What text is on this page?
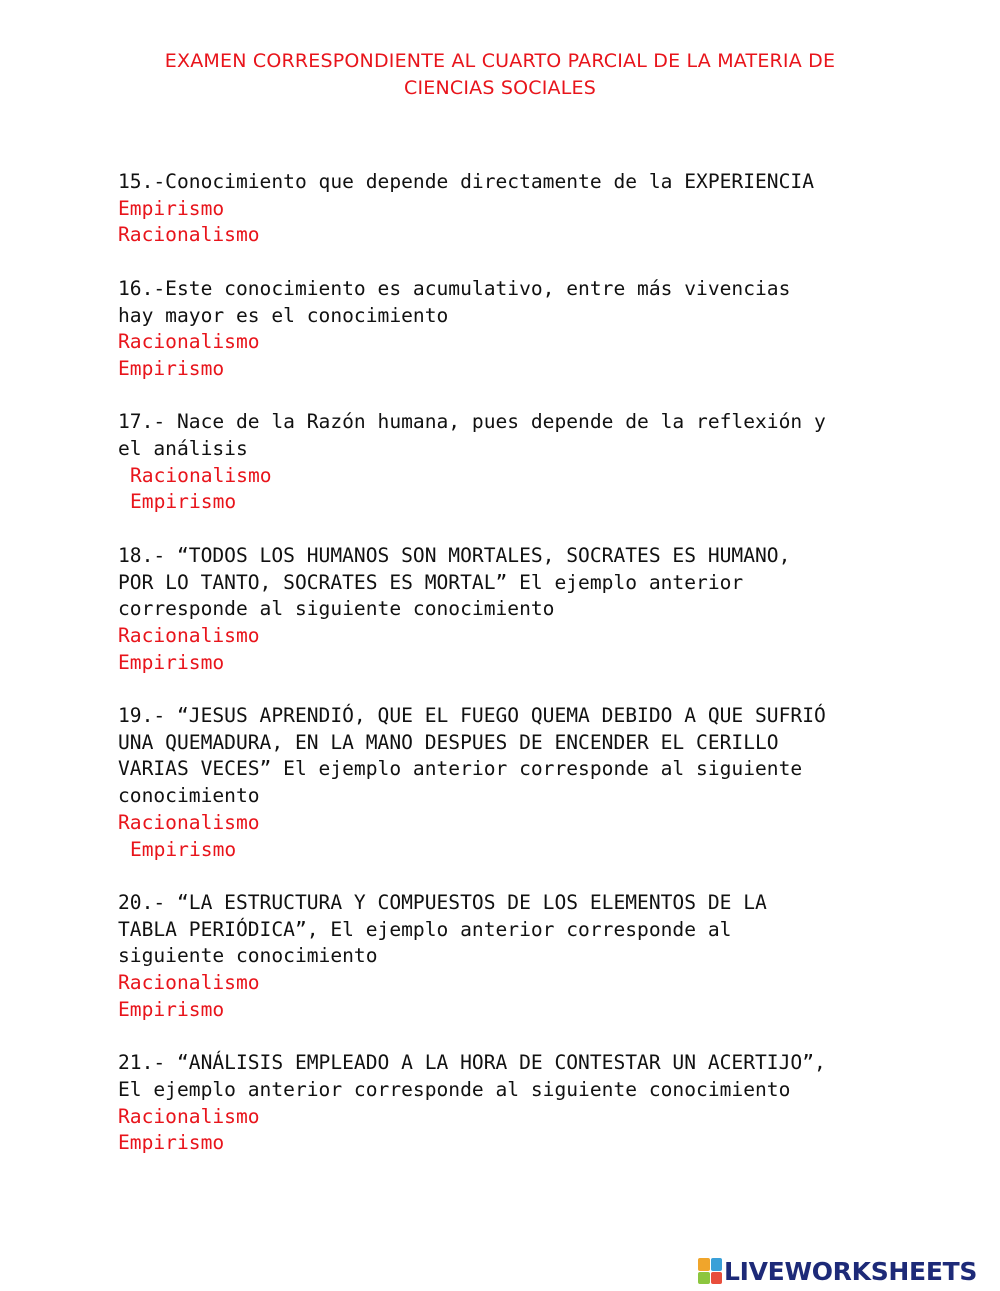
EXAMEN CORRESPONDIENTE AL CUARTO PARCIAL DE LA MATERIA DE
CIENCIAS SOCIALES
15.-Conocimiento que depende directamente de la EXPERIENCIA
Empirismo
Racionalismo
16.-Este conocimiento es acumulativo, entre más vivencias
hay mayor es el conocimiento
Racionalismo
Empirismo
17.- Nace de la Razón humana, pues depende de la reflexión y
el análisis
Racionalismo
Empirismo
18.- “TODOS LOS HUMANOS SON MORTALES, SOCRATES ES HUMANO,
POR LO TANTO, SOCRATES ES MORTAL” El ejemplo anterior
corresponde al siguiente conocimiento
Racionalismo
Empirismo
19.- “JESUS APRENDIÓ, QUE EL FUEGO QUEMA DEBIDO A QUE SUFRIÓ
UNA QUEMADURA, EN LA MANO DESPUES DE ENCENDER EL CERILLO
VARIAS VECES” El ejemplo anterior corresponde al siguiente
conocimiento
Racionalismo
Empirismo
20.- “LA ESTRUCTURA Y COMPUESTOS DE LOS ELEMENTOS DE LA
TABLA PERIÓDICA”, El ejemplo anterior corresponde al
siguiente conocimiento
Racionalismo
Empirismo
21.- “ANÁLISIS EMPLEADO A LA HORA DE CONTESTAR UN ACERTIJO”,
El ejemplo anterior corresponde al siguiente conocimiento
Racionalismo
Empirismo
LIVEWORKSHEETS
